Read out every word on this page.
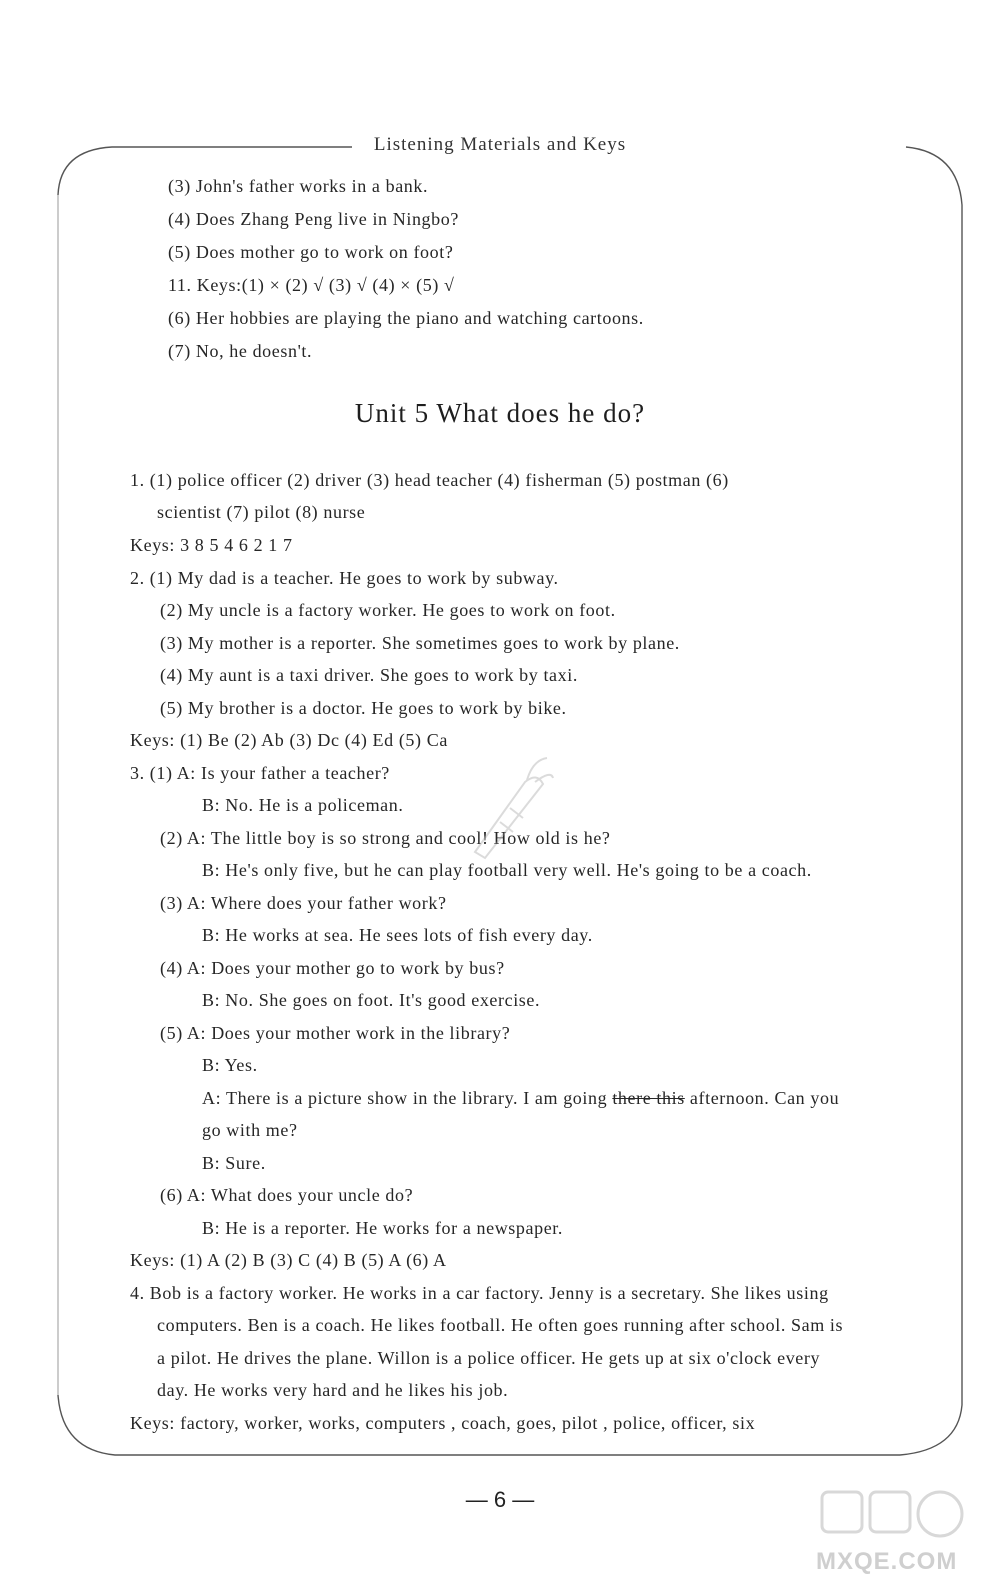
Listening Materials and Keys
(3) John's father works in a bank.
(4) Does Zhang Peng live in Ningbo?
(5) Does mother go to work on foot?
11. Keys:(1) × (2) √ (3) √ (4) × (5) √
(6) Her hobbies are playing the piano and watching cartoons.
(7) No, he doesn't.
Unit 5 What does he do?
1. (1) police officer (2) driver (3) head teacher (4) fisherman (5) postman (6)
scientist (7) pilot (8) nurse
Keys: 3 8 5 4 6 2 1 7
2. (1) My dad is a teacher. He goes to work by subway.
(2) My uncle is a factory worker. He goes to work on foot.
(3) My mother is a reporter. She sometimes goes to work by plane.
(4) My aunt is a taxi driver. She goes to work by taxi.
(5) My brother is a doctor. He goes to work by bike.
Keys: (1) Be (2) Ab (3) Dc (4) Ed (5) Ca
3. (1) A: Is your father a teacher?
B: No. He is a policeman.
(2) A: The little boy is so strong and cool! How old is he?
B: He's only five, but he can play football very well. He's going to be a coach.
(3) A: Where does your father work?
B: He works at sea. He sees lots of fish every day.
(4) A: Does your mother go to work by bus?
B: No. She goes on foot. It's good exercise.
(5) A: Does your mother work in the library?
B: Yes.
A: There is a picture show in the library. I am going there this afternoon. Can you
go with me?
B: Sure.
(6) A: What does your uncle do?
B: He is a reporter. He works for a newspaper.
Keys: (1) A (2) B (3) C (4) B (5) A (6) A
4. Bob is a factory worker. He works in a car factory. Jenny is a secretary. She likes using
computers. Ben is a coach. He likes football. He often goes running after school. Sam is
a pilot. He drives the plane. Willon is a police officer. He gets up at six o'clock every
day. He works very hard and he likes his job.
Keys: factory, worker, works, computers , coach, goes, pilot , police, officer, six
— 6 —
MXQE.COM
